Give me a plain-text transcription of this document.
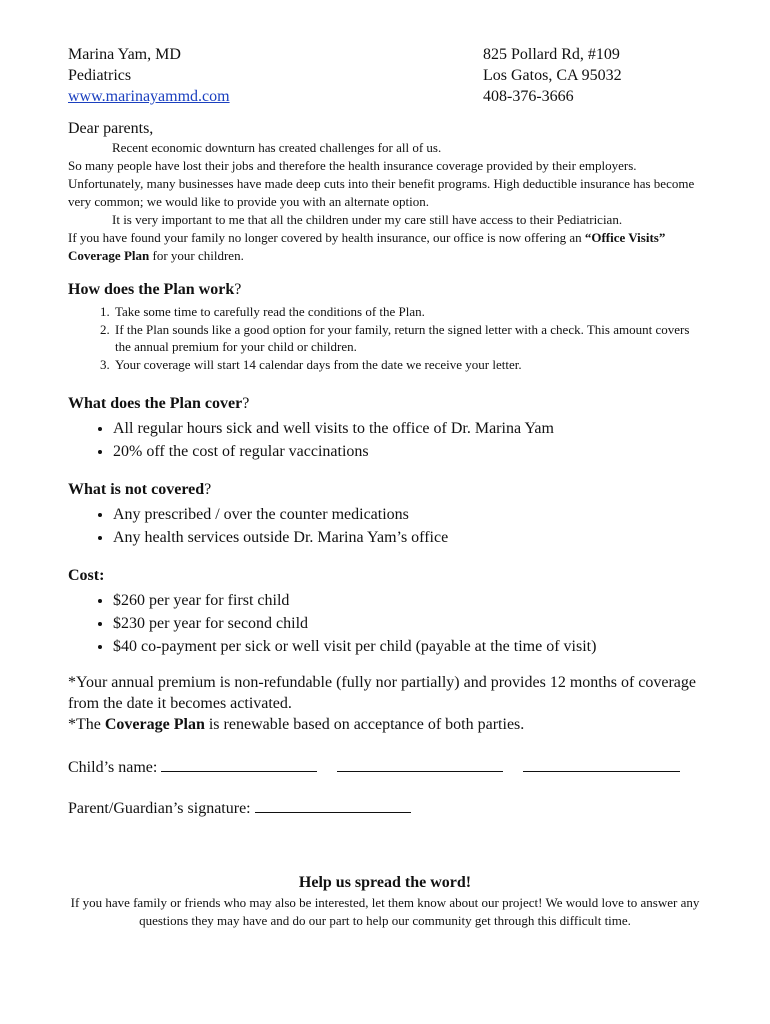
Marina Yam, MD
Pediatrics
www.marinayammd.com
825 Pollard Rd, #109
Los Gatos, CA 95032
408-376-3666
Dear parents,
Recent economic downturn has created challenges for all of us.
So many people have lost their jobs and therefore the health insurance coverage provided by their employers. Unfortunately, many businesses have made deep cuts into their benefit programs. High deductible insurance has become very common; we would like to provide you with an alternate option.
It is very important to me that all the children under my care still have access to their Pediatrician.
If you have found your family no longer covered by health insurance, our office is now offering an “Office Visits” Coverage Plan for your children.
How does the Plan work?
1. Take some time to carefully read the conditions of the Plan.
2. If the Plan sounds like a good option for your family, return the signed letter with a check. This amount covers the annual premium for your child or children.
3. Your coverage will start 14 calendar days from the date we receive your letter.
What does the Plan cover?
• All regular hours sick and well visits to the office of Dr. Marina Yam
• 20% off the cost of regular vaccinations
What is not covered?
• Any prescribed / over the counter medications
• Any health services outside Dr. Marina Yam’s office
Cost:
• $260 per year for first child
• $230 per year for second child
• $40 co-payment per sick or well visit per child (payable at the time of visit)
*Your annual premium is non-refundable (fully nor partially) and provides 12 months of coverage from the date it becomes activated.
*The Coverage Plan is renewable based on acceptance of both parties.
Child’s name:
Parent/Guardian’s signature:
Help us spread the word!
If you have family or friends who may also be interested, let them know about our project! We would love to answer any questions they may have and do our part to help our community get through this difficult time.
